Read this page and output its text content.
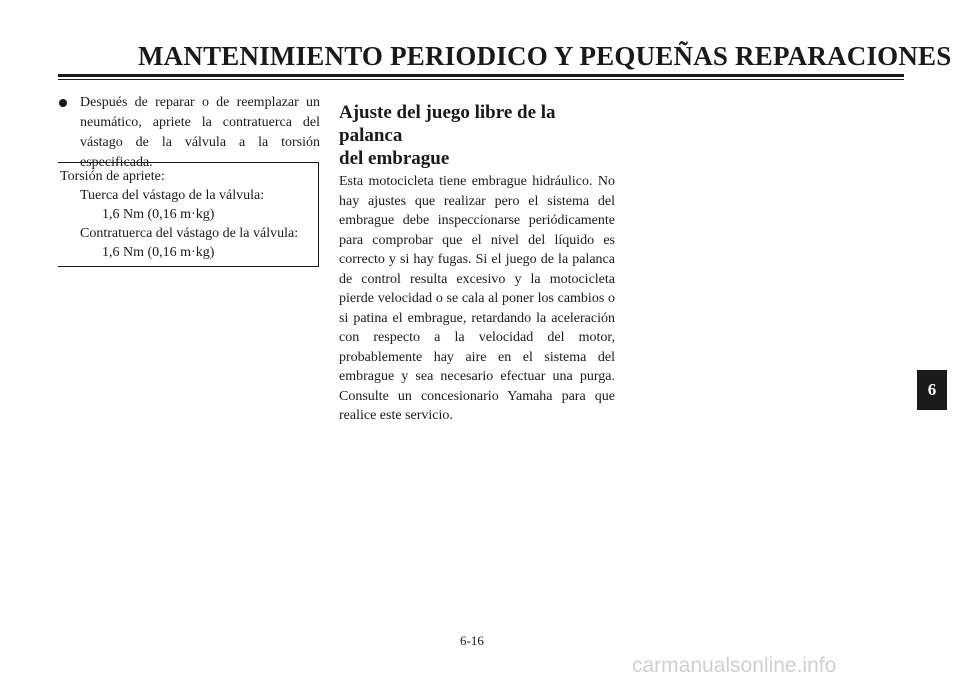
MANTENIMIENTO PERIODICO Y PEQUEÑAS REPARACIONES
Después de reparar o de reemplazar un neumático, apriete la contratuerca del vástago de la válvula a la torsión especificada.
Torsión de apriete:
Tuerca del vástago de la válvula:
1,6 Nm (0,16 m·kg)
Contratuerca del vástago de la válvula:
1,6 Nm (0,16 m·kg)
Ajuste del juego libre de la palanca
del embrague
Esta motocicleta tiene embrague hidráulico. No hay ajustes que realizar pero el sistema del embrague debe inspeccionarse periódicamente para comprobar que el nivel del líquido es correcto y si hay fugas. Si el juego de la palanca de control resulta excesivo y la motocicleta pierde velocidad o se cala al poner los cambios o si patina el embrague, retardando la aceleración con respecto a la velocidad del motor, probablemente hay aire en el sistema del embrague y sea necesario efectuar una purga. Consulte un concesionario Yamaha para que realice este servicio.
6
6-16
carmanualsonline.info
